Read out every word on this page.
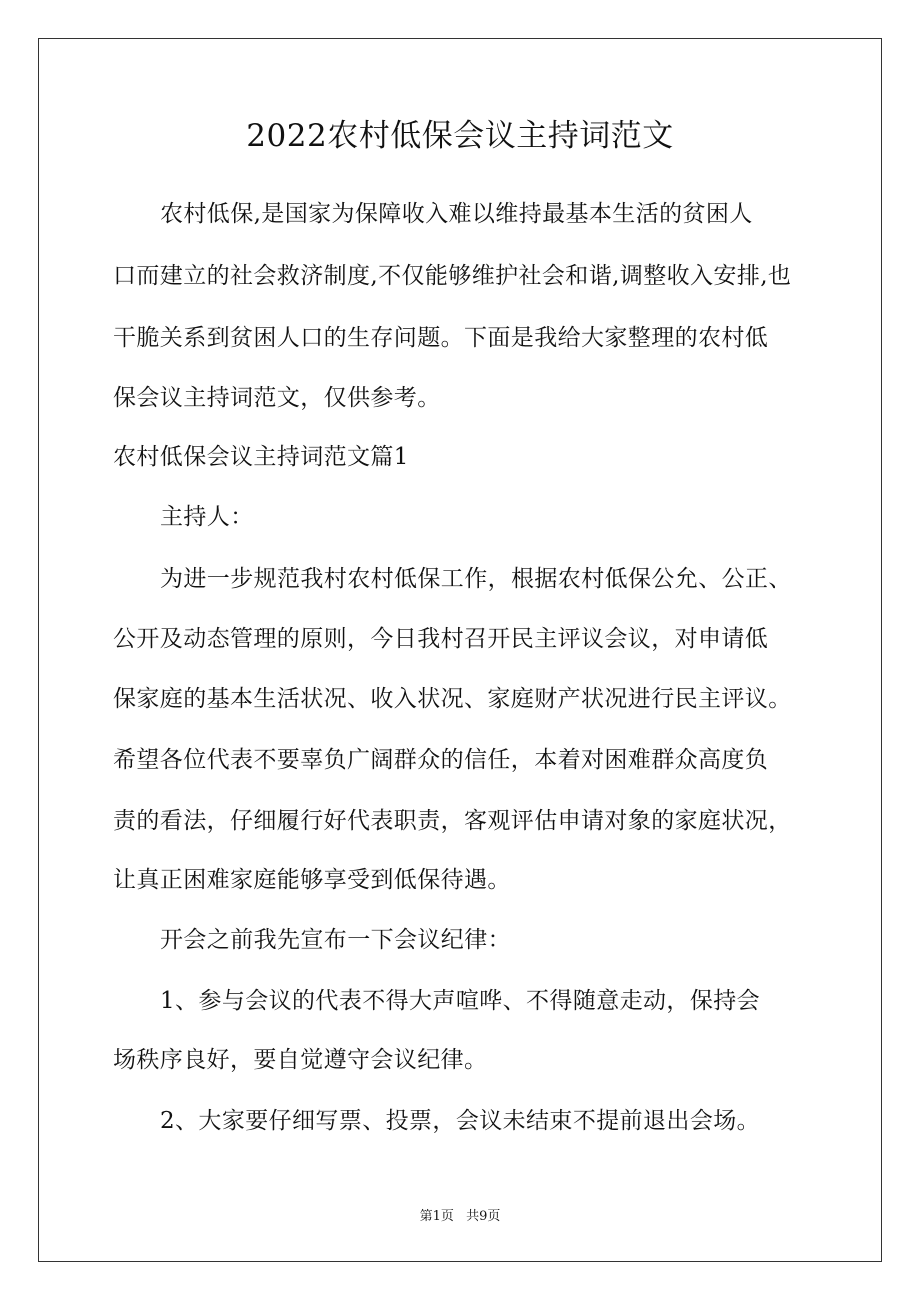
2022农村低保会议主持词范文

农村低保,是国家为保障收入难以维持最基本生活的贫困人

口而建立的社会救济制度,不仅能够维护社会和谐,调整收入安排,也

干脆关系到贫困人口的生存问题。下面是我给大家整理的农村低

保会议主持词范文，仅供参考。

农村低保会议主持词范文篇1

主持人：

为进一步规范我村农村低保工作，根据农村低保公允、公正、

公开及动态管理的原则，今日我村召开民主评议会议，对申请低

保家庭的基本生活状况、收入状况、家庭财产状况进行民主评议。

希望各位代表不要辜负广阔群众的信任，本着对困难群众高度负

责的看法，仔细履行好代表职责，客观评估申请对象的家庭状况，

让真正困难家庭能够享受到低保待遇。

开会之前我先宣布一下会议纪律：

1、参与会议的代表不得大声喧哗、不得随意走动，保持会

场秩序良好，要自觉遵守会议纪律。

2、大家要仔细写票、投票，会议未结束不提前退出会场。

第1页 共9页
